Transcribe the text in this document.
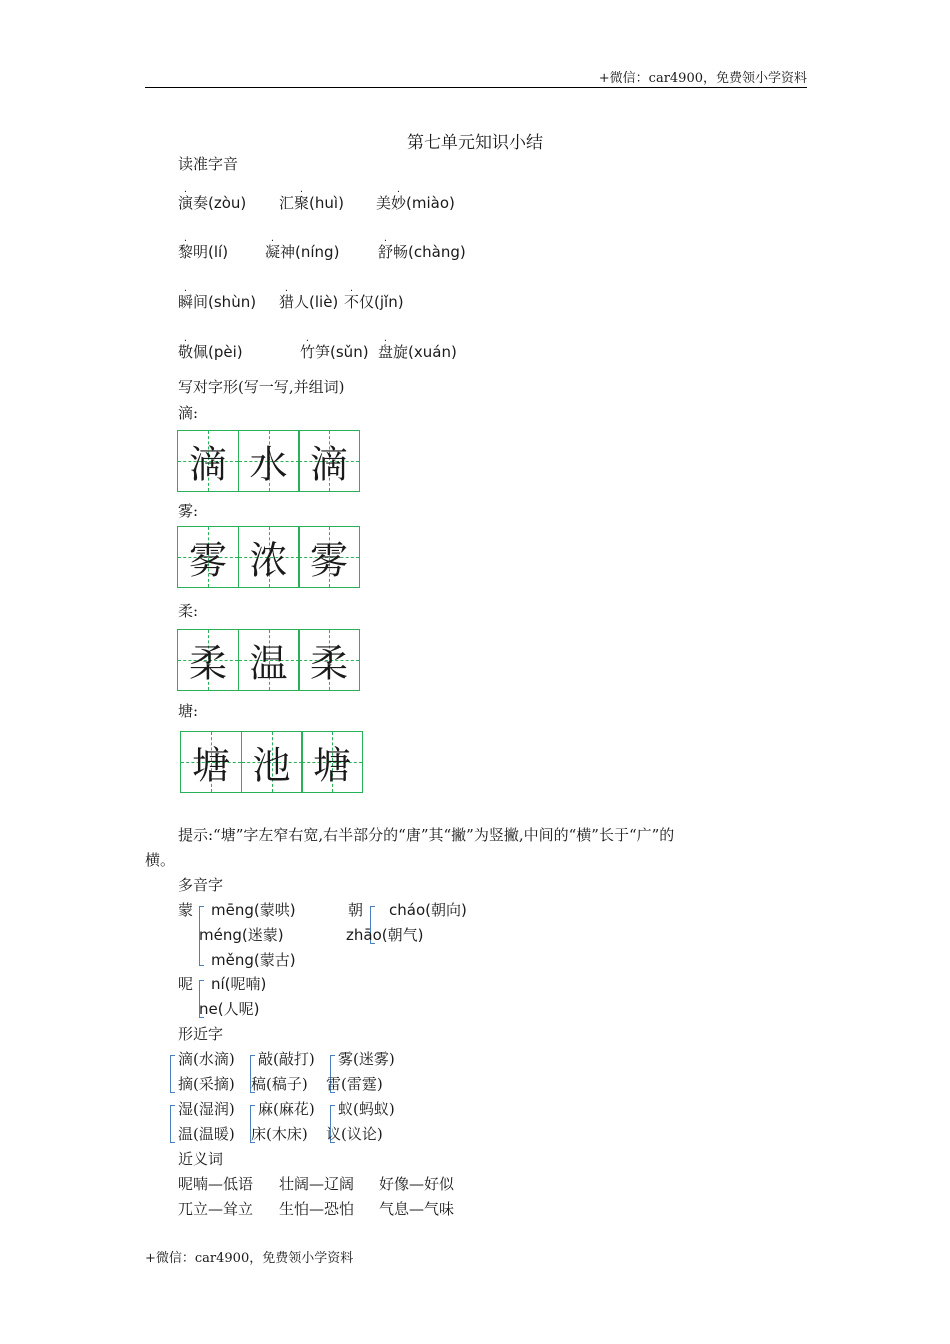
+微信：car4900，免费领小学资料
第七单元知识小结
读准字音
.
演奏(zòu) 汇
.
聚(huì) 美
.
妙(miào)
.
黎明(lí)
.
凝神(níng)
.
舒畅(chàng)
.
瞬间(shùn)
.
猎人(liè)
.
不仅(jǐn)
.
敬佩(pèi)
.
竹笋(sǔn)
.
盘旋(xuán)
写对字形(写一写,并组词)
滴:
滴 水 滴
雾:
雾 浓 雾
柔:
柔 温 柔
塘:
塘 池 塘
提示:“塘”字左窄右宽,右半部分的“唐”其“撇”为竖撇,中间的“横”长于“广”的
横。
多音字
蒙 mēng(蒙哄)
méng(迷蒙)
měng(蒙古)
朝 cháo(朝向)
zhāo(朝气)
呢 ní(呢喃)
ne(人呢)
形近字
滴(水滴) 敲(敲打) 雾(迷雾)
摘(采摘) 稿(稿子) 雷(雷霆)
湿(湿润) 麻(麻花) 蚁(蚂蚁)
温(温暖) 床(木床) 议(议论)
近义词
呢喃—低语 壮阔—辽阔 好像—好似
兀立—耸立 生怕—恐怕 气息—气味
+微信：car4900，免费领小学资料
